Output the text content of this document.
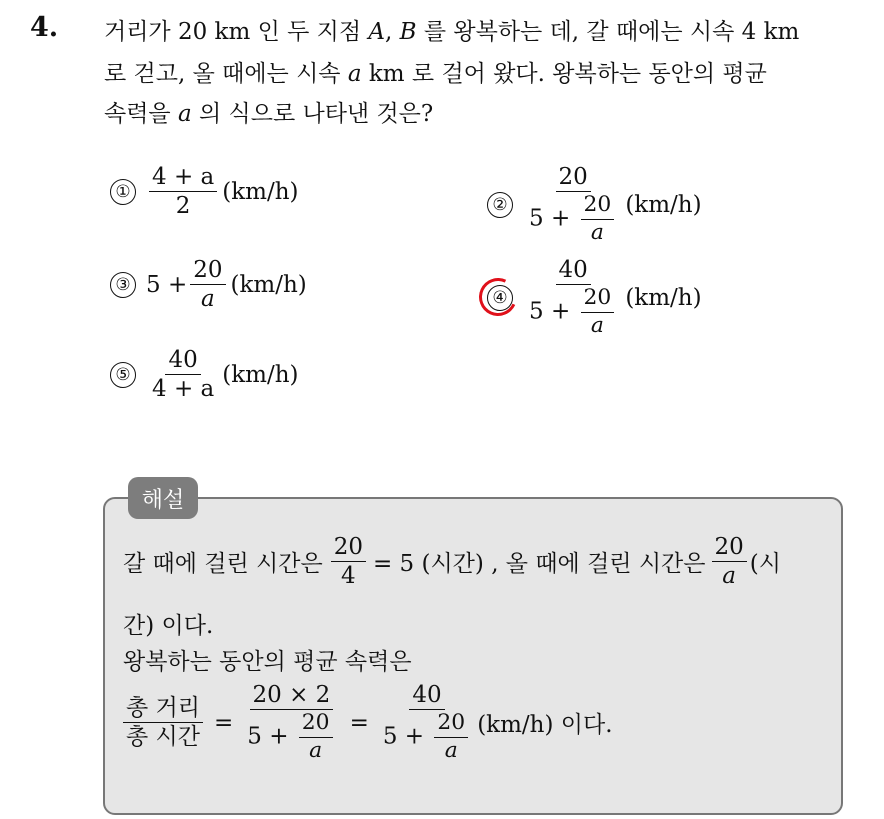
4. 거리가 20 km 인 두 지점 A, B 를 왕복하는 데, 갈 때에는 시속 4 km
로 걷고, 올 때에는 시속 a km 로 걸어 왔다. 왕복하는 동안의 평균
속력을 a 의 식으로 나타낸 것은?
① $\frac{4 + a}{2} (km/h)$
② $\frac{20}{5 + \frac{20}{a}} (km/h)$
③ $5 + \frac{20}{a} (km/h)$
④ $\frac{40}{5 + \frac{20}{a}} (km/h)$
⑤ $\frac{40}{4 + a} (km/h)$
해설
갈 때에 걸린 시간은 $\frac{20}{4} = 5$ (시간) , 올 때에 걸린 시간은 $\frac{20}{a}$ (시
간) 이다.
왕복하는 동안의 평균 속력은
$\frac{\text{총 거리}}{\text{총 시간}} = \frac{20 \times 2}{5 + \frac{20}{a}} = \frac{40}{5 + \frac{20}{a}} (km/h)$ 이다.
